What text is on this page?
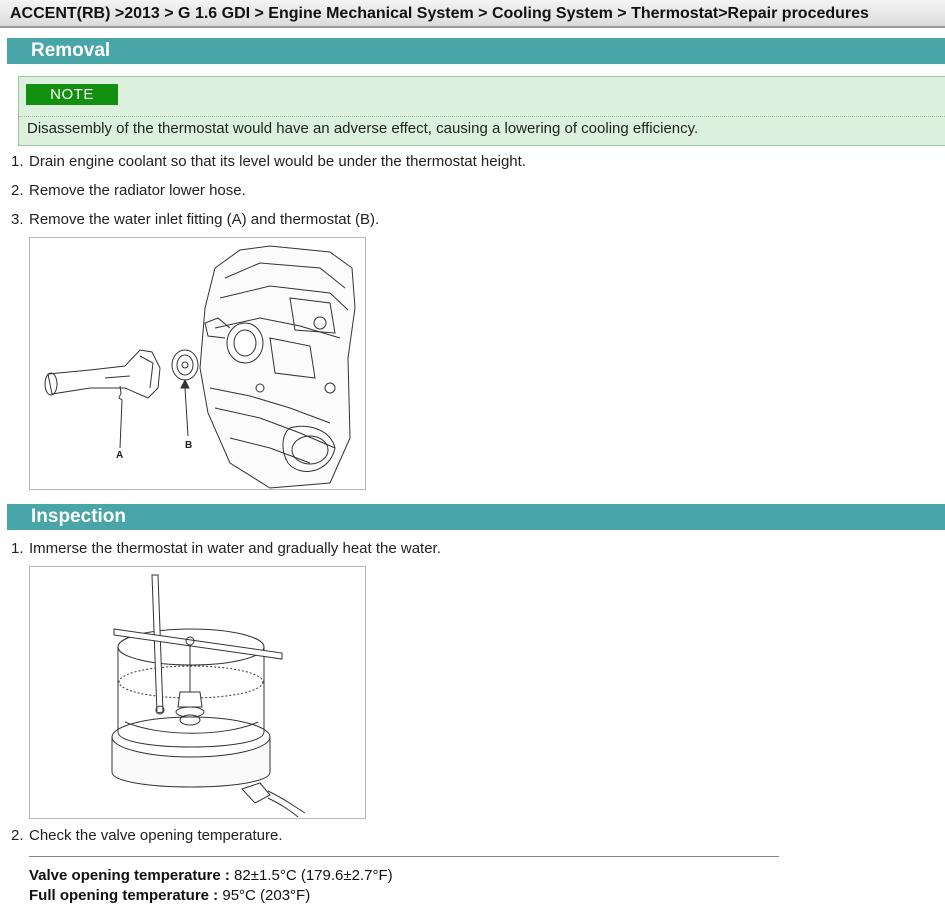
ACCENT(RB) >2013 > G 1.6 GDI > Engine Mechanical System > Cooling System > Thermostat>Repair procedures
Removal
NOTE
Disassembly of the thermostat would have an adverse effect, causing a lowering of cooling efficiency.
1. Drain engine coolant so that its level would be under the thermostat height.
2. Remove the radiator lower hose.
3. Remove the water inlet fitting (A) and thermostat (B).
A
B
Inspection
1. Immerse the thermostat in water and gradually heat the water.
2. Check the valve opening temperature.
Valve opening temperature : 82±1.5°C (179.6±2.7°F)
Full opening temperature : 95°C (203°F)
